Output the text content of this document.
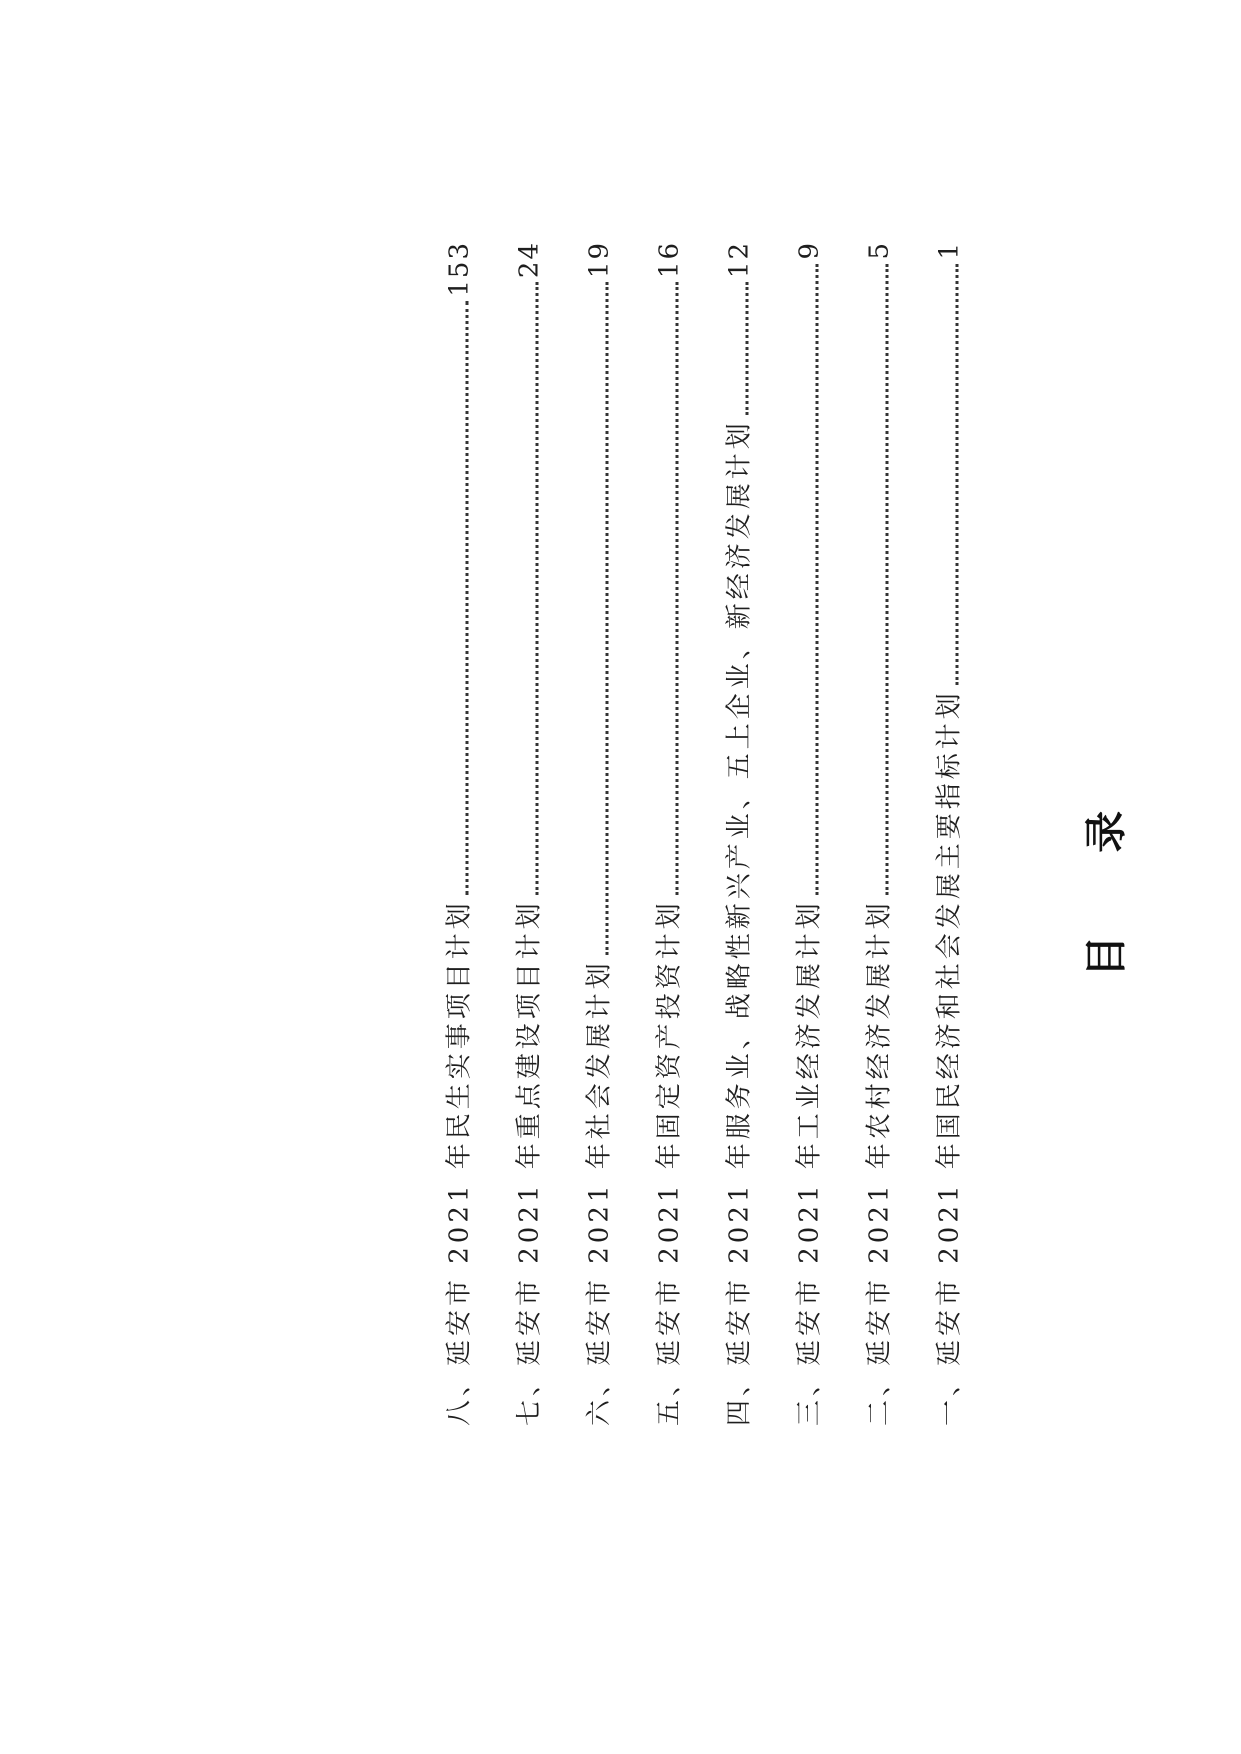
目 录
一、延安市 2021 年国民经济和社会发展主要指标计划
1
二、延安市 2021 年农村经济发展计划
5
三、延安市 2021 年工业经济发展计划
9
四、延安市 2021 年服务业、战略性新兴产业、五上企业、新经济发展计划
12
五、延安市 2021 年固定资产投资计划
16
六、延安市 2021 年社会发展计划
19
七、延安市 2021 年重点建设项目计划
24
八、延安市 2021 年民生实事项目计划
153
